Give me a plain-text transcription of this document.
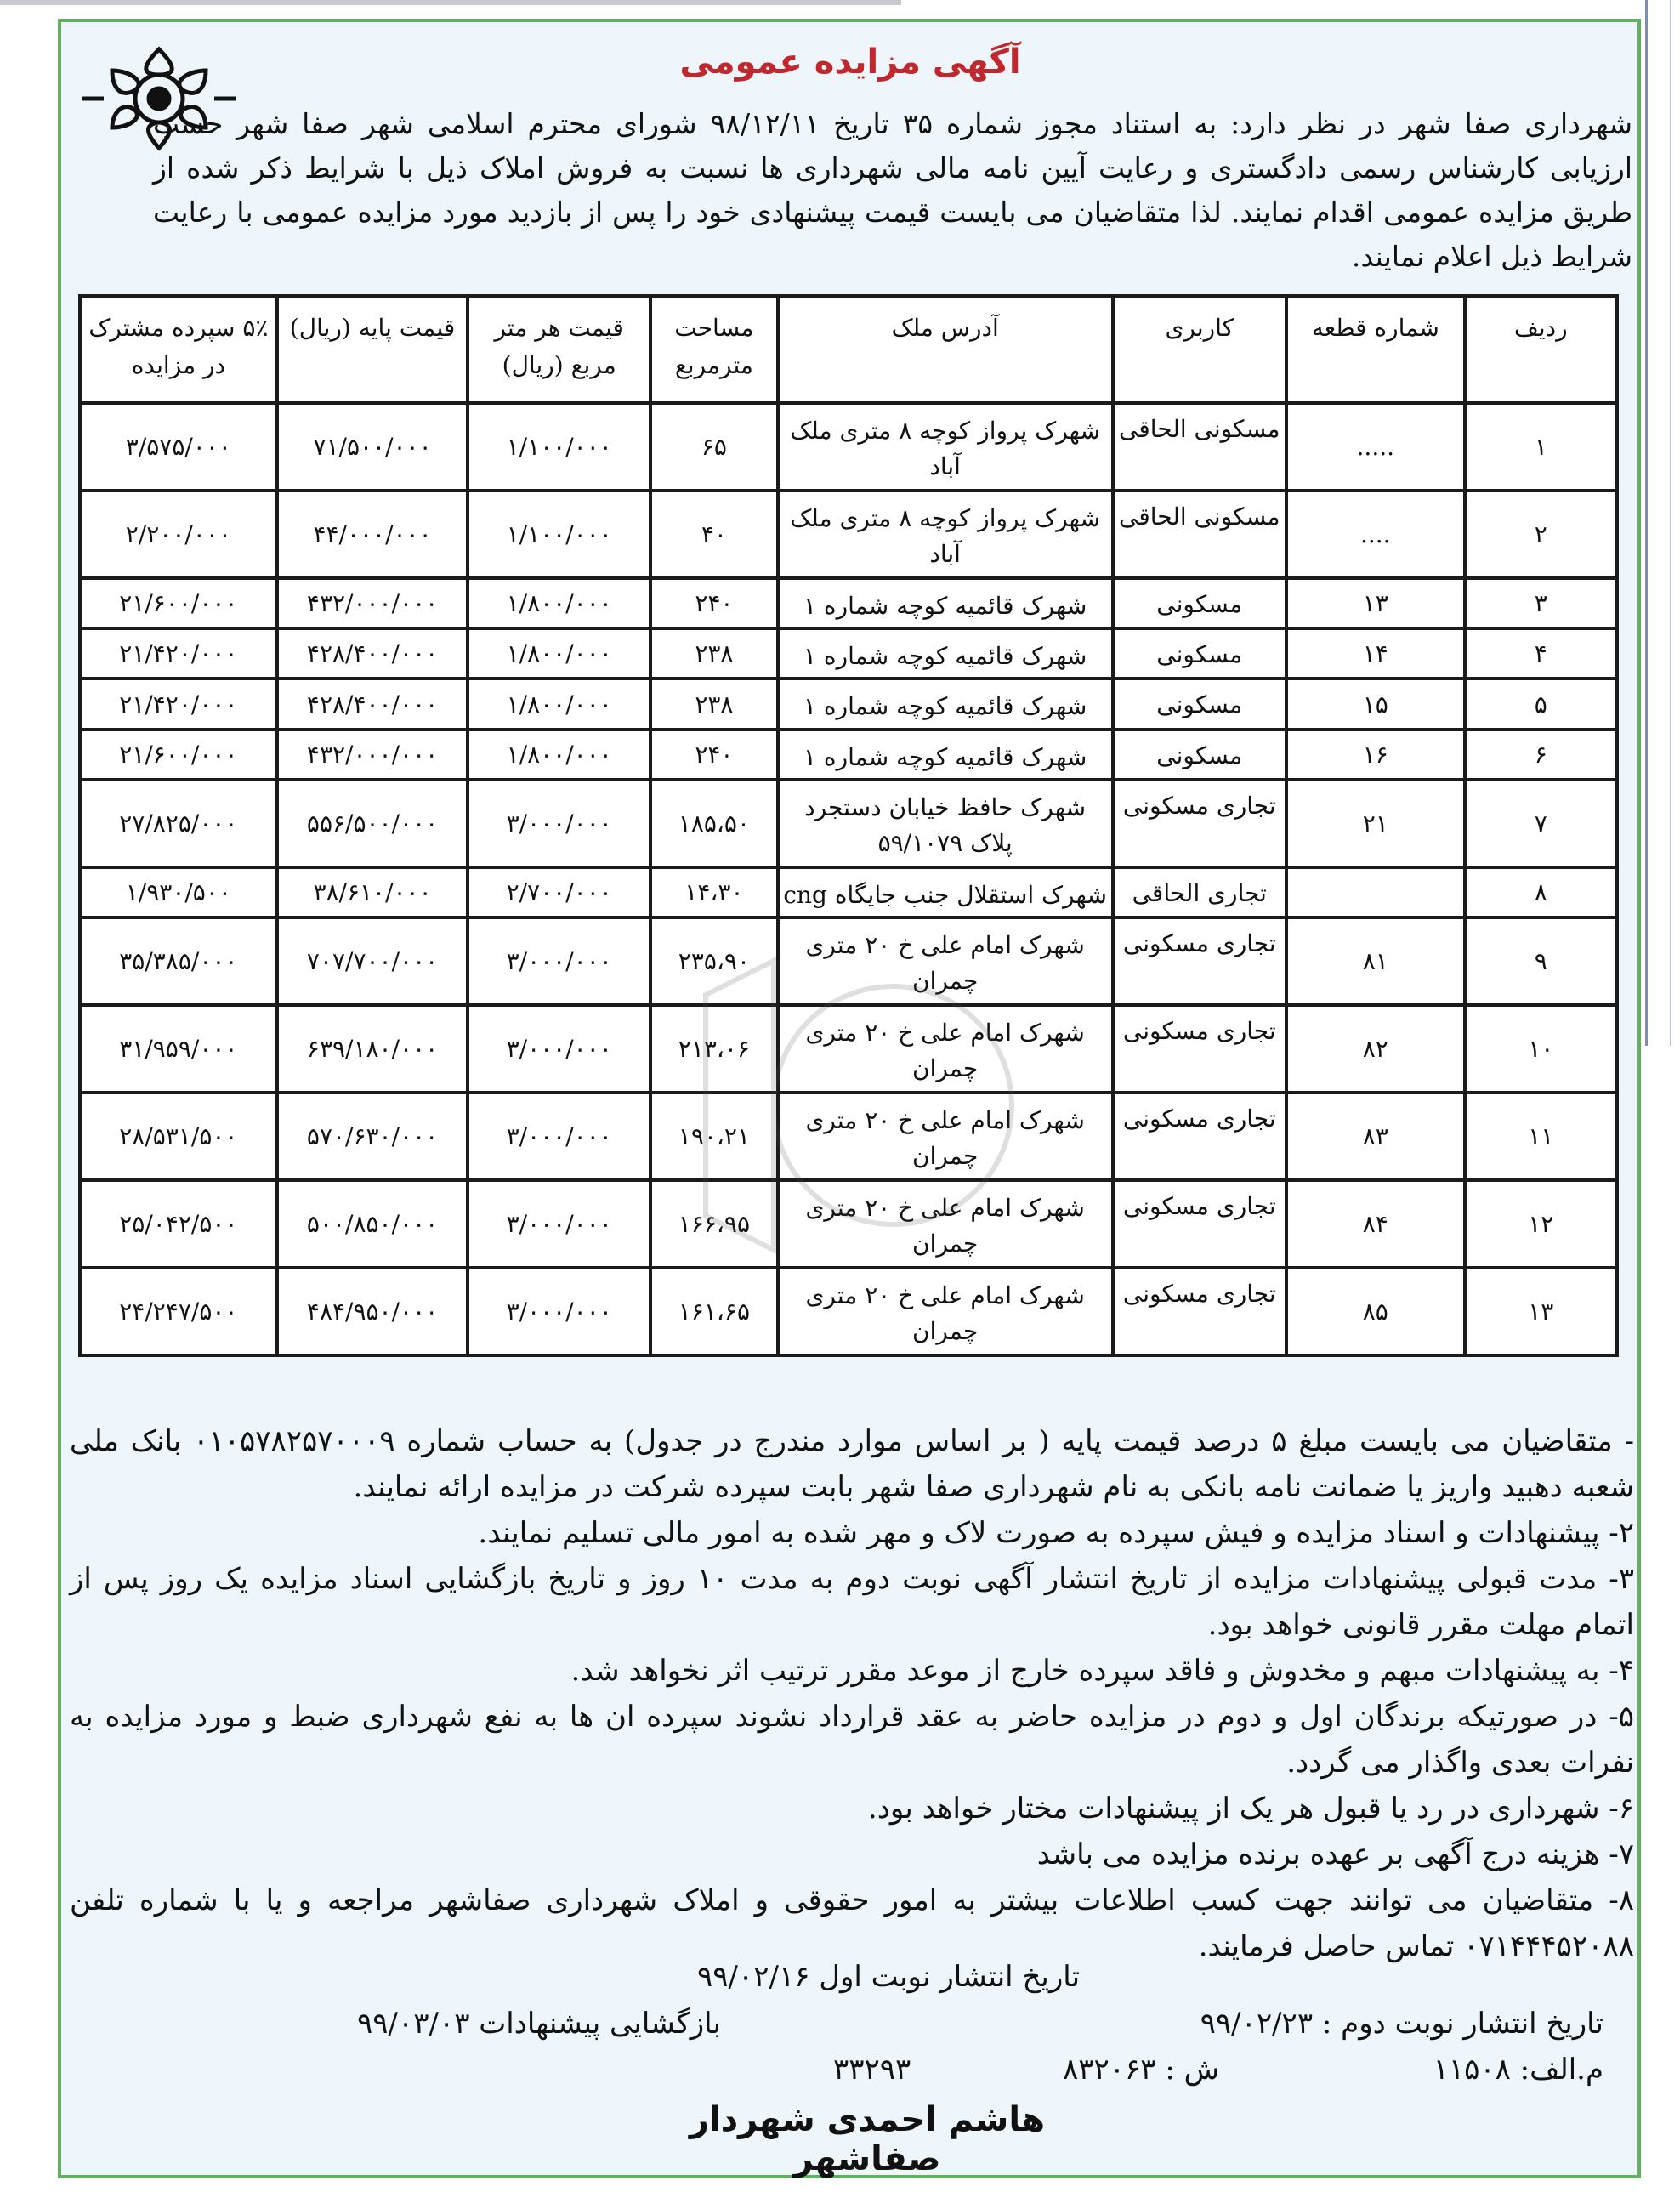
آگهی مزایده عمومی
شهرداری صفا شهر در نظر دارد: به استناد مجوز شماره ۳۵ تاریخ ۹۸/۱۲/۱۱ شورای محترم اسلامی شهر صفا شهر حسب ارزیابی کارشناس رسمی دادگستری و رعایت آیین نامه مالی شهرداری ها نسبت به فروش املاک ذیل با شرایط ذکر شده از طریق مزایده عمومی اقدام نمایند. لذا متقاضیان می بایست قیمت پیشنهادی خود را پس از بازدید مورد مزایده عمومی با رعایت شرایط ذیل اعلام نمایند.
ردیف	شماره قطعه	کاربری	آدرس ملک	مساحت مترمربع	قیمت هر متر مربع (ریال)	قیمت پایه (ریال)	۵٪ سپرده مشترک در مزایده
۱	.....	مسکونی الحاقی	شهرک پرواز کوچه ۸ متری ملک آباد	۶۵	۱/۱۰۰/۰۰۰	۷۱/۵۰۰/۰۰۰	۳/۵۷۵/۰۰۰
۲	....	مسکونی الحاقی	شهرک پرواز کوچه ۸ متری ملک آباد	۴۰	۱/۱۰۰/۰۰۰	۴۴/۰۰۰/۰۰۰	۲/۲۰۰/۰۰۰
۳	۱۳	مسکونی	شهرک قائمیه کوچه شماره ۱	۲۴۰	۱/۸۰۰/۰۰۰	۴۳۲/۰۰۰/۰۰۰	۲۱/۶۰۰/۰۰۰
۴	۱۴	مسکونی	شهرک قائمیه کوچه شماره ۱	۲۳۸	۱/۸۰۰/۰۰۰	۴۲۸/۴۰۰/۰۰۰	۲۱/۴۲۰/۰۰۰
۵	۱۵	مسکونی	شهرک قائمیه کوچه شماره ۱	۲۳۸	۱/۸۰۰/۰۰۰	۴۲۸/۴۰۰/۰۰۰	۲۱/۴۲۰/۰۰۰
۶	۱۶	مسکونی	شهرک قائمیه کوچه شماره ۱	۲۴۰	۱/۸۰۰/۰۰۰	۴۳۲/۰۰۰/۰۰۰	۲۱/۶۰۰/۰۰۰
۷	۲۱	تجاری مسکونی	شهرک حافظ خیابان دستجرد پلاک ۵۹/۱۰۷۹	۱۸۵،۵۰	۳/۰۰۰/۰۰۰	۵۵۶/۵۰۰/۰۰۰	۲۷/۸۲۵/۰۰۰
۸		تجاری الحاقی	شهرک استقلال جنب جایگاه cng	۱۴،۳۰	۲/۷۰۰/۰۰۰	۳۸/۶۱۰/۰۰۰	۱/۹۳۰/۵۰۰
۹	۸۱	تجاری مسکونی	شهرک امام علی خ ۲۰ متری چمران	۲۳۵،۹۰	۳/۰۰۰/۰۰۰	۷۰۷/۷۰۰/۰۰۰	۳۵/۳۸۵/۰۰۰
۱۰	۸۲	تجاری مسکونی	شهرک امام علی خ ۲۰ متری چمران	۲۱۳،۰۶	۳/۰۰۰/۰۰۰	۶۳۹/۱۸۰/۰۰۰	۳۱/۹۵۹/۰۰۰
۱۱	۸۳	تجاری مسکونی	شهرک امام علی خ ۲۰ متری چمران	۱۹۰،۲۱	۳/۰۰۰/۰۰۰	۵۷۰/۶۳۰/۰۰۰	۲۸/۵۳۱/۵۰۰
۱۲	۸۴	تجاری مسکونی	شهرک امام علی خ ۲۰ متری چمران	۱۶۶،۹۵	۳/۰۰۰/۰۰۰	۵۰۰/۸۵۰/۰۰۰	۲۵/۰۴۲/۵۰۰
۱۳	۸۵	تجاری مسکونی	شهرک امام علی خ ۲۰ متری چمران	۱۶۱،۶۵	۳/۰۰۰/۰۰۰	۴۸۴/۹۵۰/۰۰۰	۲۴/۲۴۷/۵۰۰

- متقاضیان می بایست مبلغ ۵ درصد قیمت پایه ( بر اساس موارد مندرج در جدول) به حساب شماره ۰۱۰۵۷۸۲۵۷۰۰۰۹ بانک ملی شعبه دهبید واریز یا ضمانت نامه بانکی به نام شهرداری صفا شهر بابت سپرده شرکت در مزایده ارائه نمایند.

۲- پیشنهادات و اسناد مزایده و فیش سپرده به صورت لاک و مهر شده به امور مالی تسلیم نمایند.

۳- مدت قبولی پیشنهادات مزایده از تاریخ انتشار آگهی نوبت دوم به مدت ۱۰ روز و تاریخ بازگشایی اسناد مزایده یک روز پس از اتمام مهلت مقرر قانونی خواهد بود.

۴- به پیشنهادات مبهم و مخدوش و فاقد سپرده خارج از موعد مقرر ترتیب اثر نخواهد شد.

۵- در صورتیکه برندگان اول و دوم در مزایده حاضر به عقد قرارداد نشوند سپرده ان ها به نفع شهرداری ضبط و مورد مزایده به نفرات بعدی واگذار می گردد.

۶- شهرداری در رد یا قبول هر یک از پیشنهادات مختار خواهد بود.

۷- هزینه درج آگهی بر عهده برنده مزایده می باشد

۸- متقاضیان می توانند جهت کسب اطلاعات بیشتر به امور حقوقی و املاک شهرداری صفاشهر مراجعه و یا با شماره تلفن ۰۷۱۴۴۴۵۲۰۸۸ تماس حاصل فرمایند.

تاریخ انتشار نوبت اول ۹۹/۰۲/۱۶
تاریخ انتشار نوبت دوم : ۹۹/۰۲/۲۳
بازگشایی پیشنهادات ۹۹/۰۳/۰۳
م.الف: ۱۱۵۰۸
ش : ۸۳۲۰۶۳
۳۳۲۹۳
هاشم احمدی شهردار صفاشهر
